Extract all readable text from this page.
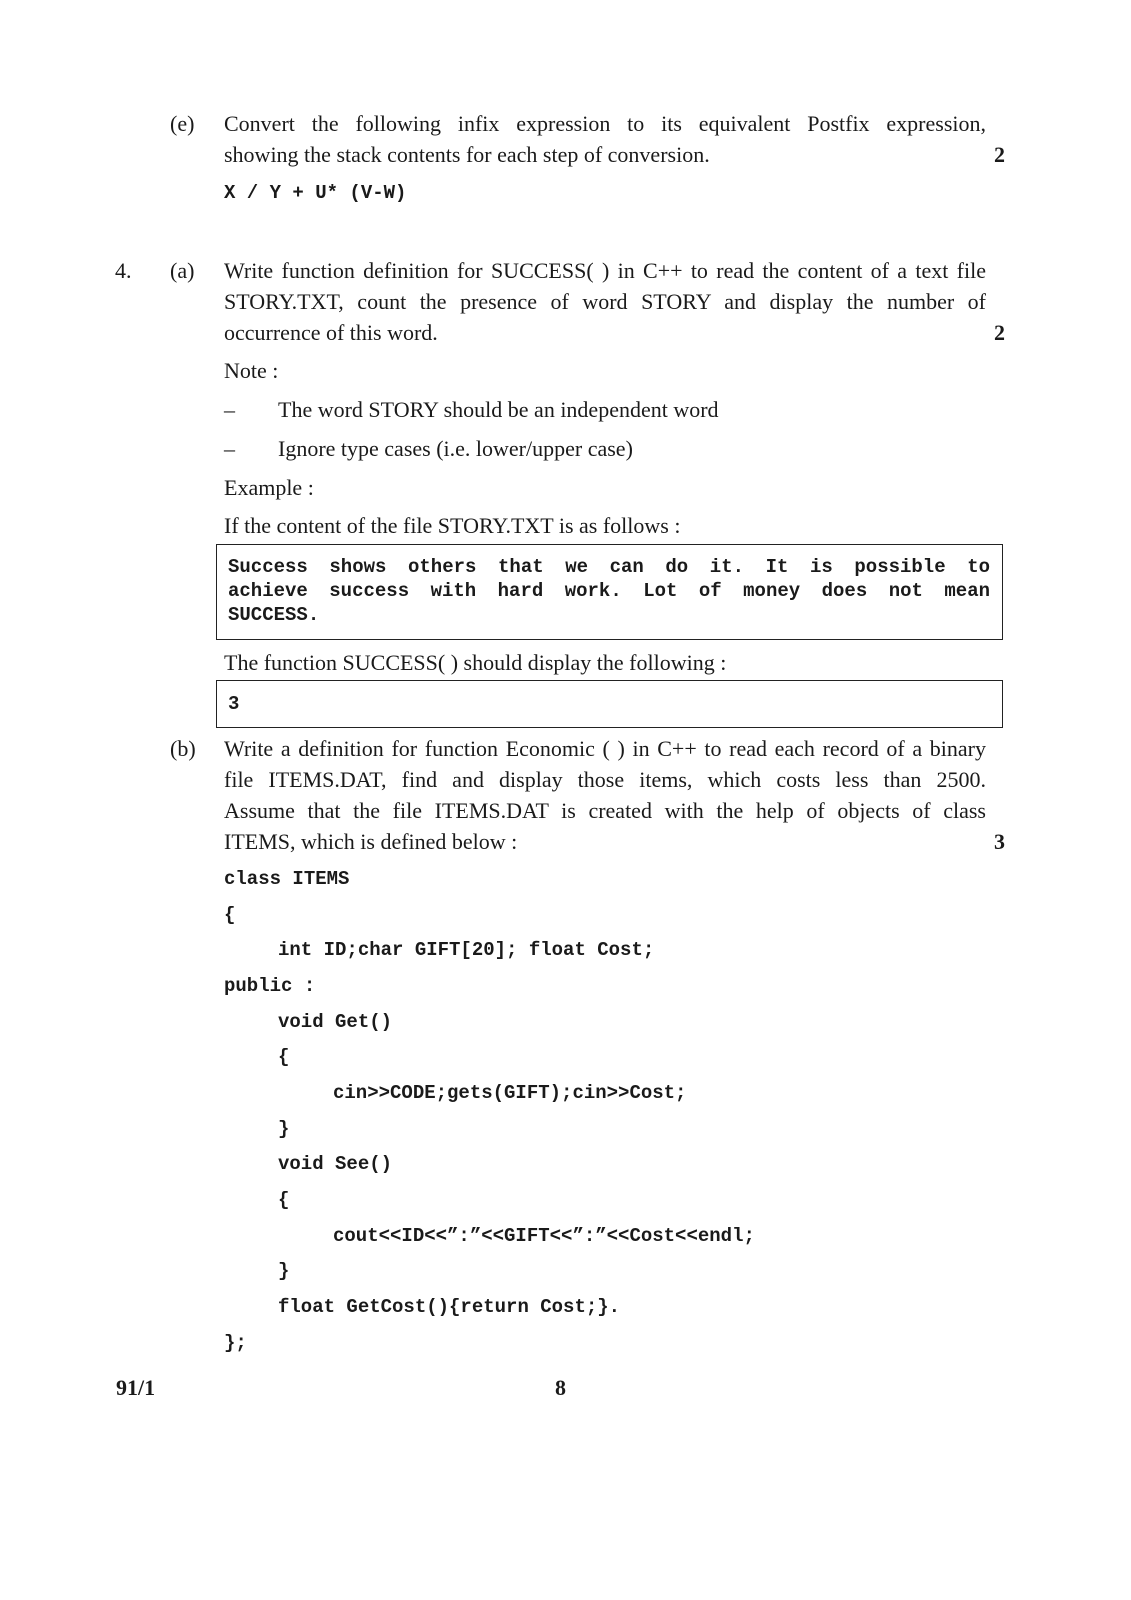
(e) Convert the following infix expression to its equivalent Postfix expression,
showing the stack contents for each step of conversion.	2
X / Y + U* (V-W)
4. (a) Write function definition for SUCCESS( ) in C++ to read the content of a text file
STORY.TXT, count the presence of word STORY and display the number of
occurrence of this word.	2
Note :
– The word STORY should be an independent word
– Ignore type cases (i.e. lower/upper case)
Example :
If the content of the file STORY.TXT is as follows :
Success shows others that we can do it. It is possible to
achieve success with hard work. Lot of money does not mean
SUCCESS.
The function SUCCESS( ) should display the following :
3
(b) Write a definition for function Economic ( ) in C++ to read each record of a binary
file ITEMS.DAT, find and display those items, which costs less than 2500.
Assume that the file ITEMS.DAT is created with the help of objects of class
ITEMS, which is defined below :	3
class ITEMS
{
int ID;char GIFT[20]; float Cost;
public :
void Get()
{
cin>>CODE;gets(GIFT);cin>>Cost;
}
void See()
{
cout<<ID<<”:”<<GIFT<<”:”<<Cost<<endl;
}
float GetCost(){return Cost;}.
};
91/1	8
